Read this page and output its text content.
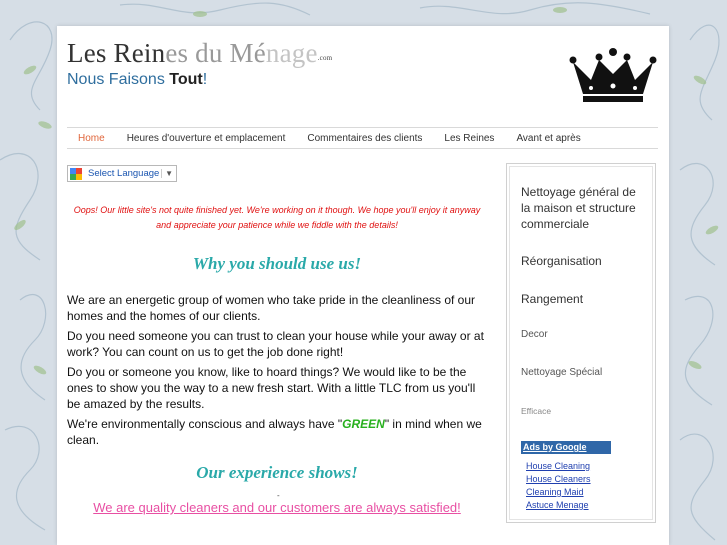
Les Reines du Ménage.com
Nous Faisons Tout!
Home	Heures d'ouverture et emplacement	Commentaires des clients	Les Reines	Avant et après
Select Language ▼
Oops! Our little site's not quite finished yet. We're working on it though. We hope you'll enjoy it anyway and appreciate your patience while we fiddle with the details!
Why you should use us!

We are an energetic group of women who take pride in the cleanliness of our homes and the homes of our clients.

Do you need someone you can trust to clean your house while your away or at work? You can count on us to get the job done right!

Do you or someone you know, like to hoard things? We would like to be the ones to show you the way to a new fresh start. With a little TLC from us you'll be amazed by the results.

We're environmentally conscious and always have "GREEN" in mind when we clean.

Our experience shows!
-
We are quality cleaners and our customers are always satisfied!
Nettoyage général de la maison et structure commerciale
Réorganisation
Rangement
Decor
Nettoyage Spécial
Efficace
Ads by Google
House Cleaning
House Cleaners
Cleaning Maid
Astuce Menage
